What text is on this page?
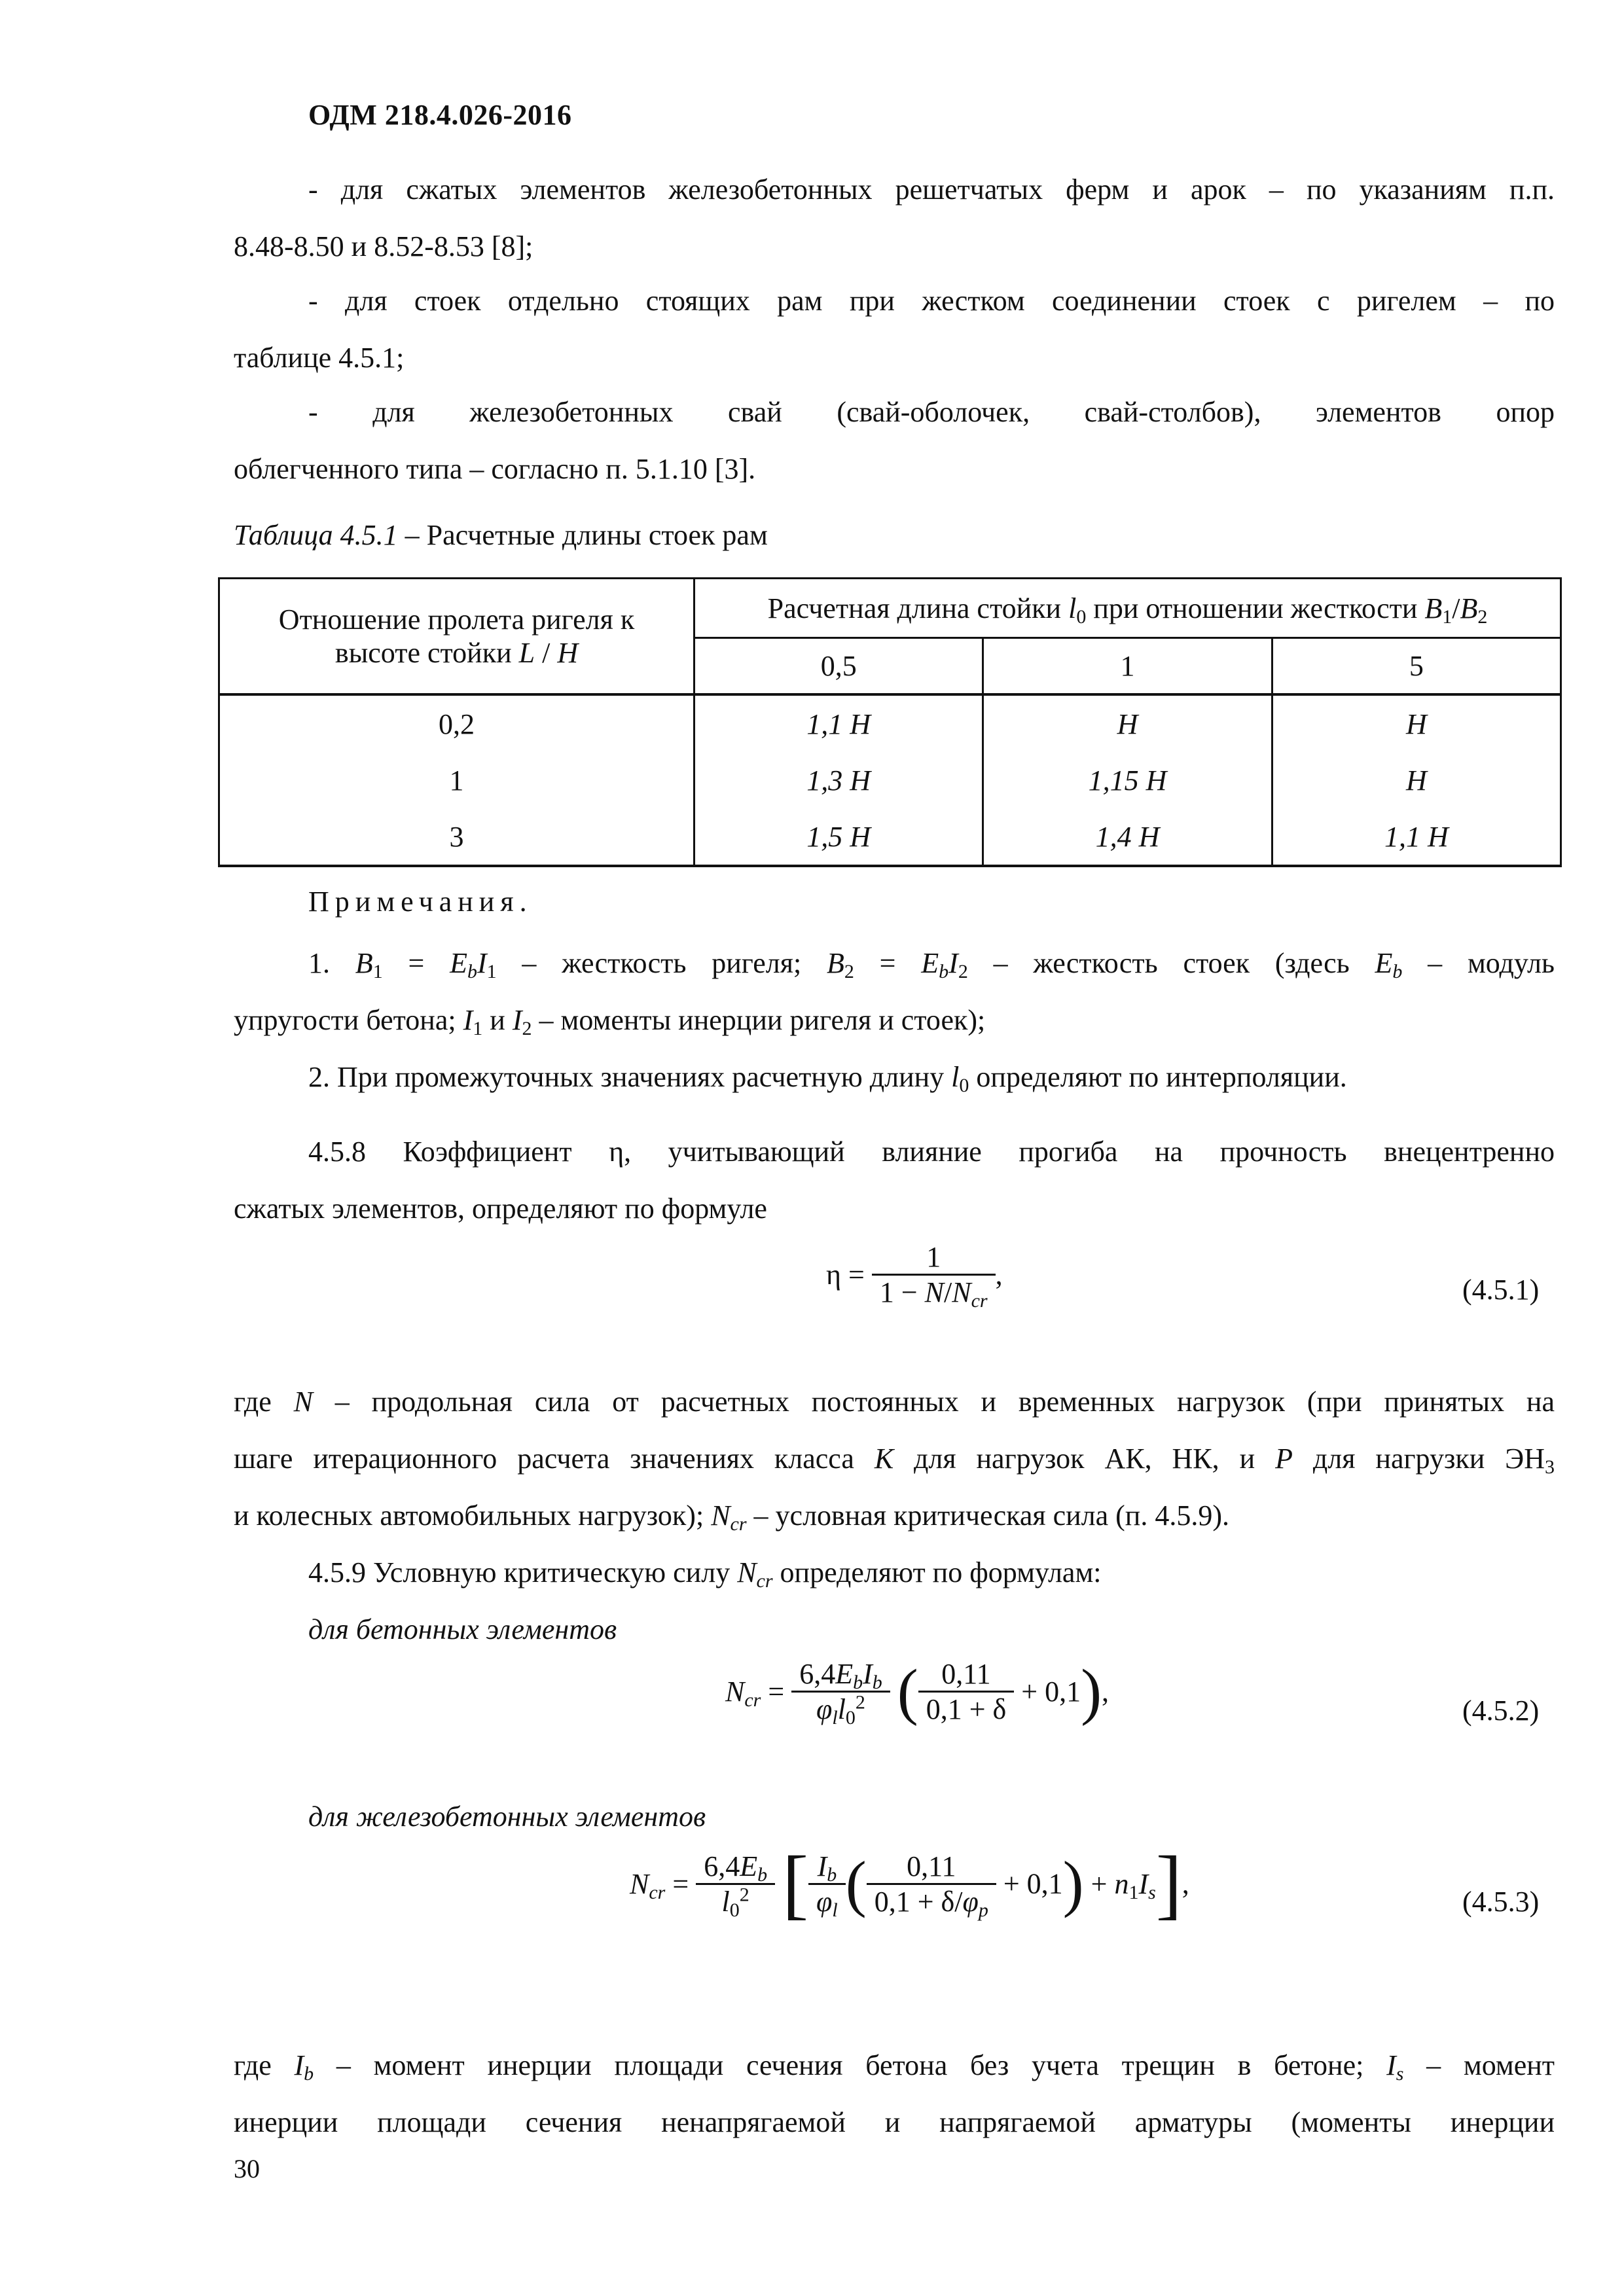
ОДМ 218.4.026-2016
- для сжатых элементов железобетонных решетчатых ферм и арок – по указаниям п.п.
8.48-8.50 и 8.52-8.53 [8];
- для стоек отдельно стоящих рам при жестком соединении стоек с ригелем – по
таблице 4.5.1;
- для железобетонных свай (свай-оболочек, свай-столбов), элементов опор
облегченного типа – согласно п. 5.1.10 [3].
Таблица 4.5.1 – Расчетные длины стоек рам
Отношение пролета ригеля к
высоте стойки L / H	Расчетная длина стойки $l_0$ при отношении жесткости $B_1/B_2$
	0,5	1	5
0,2	1,1 H	H	H
1	1,3 H	1,15 H	H
3	1,5 H	1,4 H	1,1 H
Примечания.
1. $B_1 = E_bI_1$ – жесткость ригеля; $B_2 = E_bI_2$ – жесткость стоек (здесь $E_b$ – модуль
упругости бетона; $I_1$ и $I_2$ – моменты инерции ригеля и стоек);
2. При промежуточных значениях расчетную длину $l_0$ определяют по интерполяции.
4.5.8 Коэффициент η, учитывающий влияние прогиба на прочность внецентренно
сжатых элементов, определяют по формуле
$\eta = \frac{1}{1 - N/N_{cr}}$ ,	(4.5.1)
где N – продольная сила от расчетных постоянных и временных нагрузок (при принятых на
шаге итерационного расчета значениях класса К для нагрузок АК, НК, и Р для нагрузки $ЭН_3$
и колесных автомобильных нагрузок); $N_{cr}$ – условная критическая сила (п. 4.5.9).
4.5.9 Условную критическую силу $N_{cr}$ определяют по формулам:
для бетонных элементов
$N_{cr} = \frac{6,4E_bI_b}{\varphi_ll_0^2}$ ( $\frac{0,11}{0,1 + \delta} + 0,1$),
(4.5.2)
для железобетонных элементов
$N_{cr} = \frac{6,4E_b}{l_0^2}$ [ $\frac{I_b}{\varphi_l}$ ( $\frac{0,11}{0,1 + \delta/\varphi_p} + 0,1) + n_1I_s$],
(4.5.3)
где $I_b$ – момент инерции площади сечения бетона без учета трещин в бетоне; $I_s$ – момент
инерции площади сечения ненапрягаемой и напрягаемой арматуры (моменты инерции
30
